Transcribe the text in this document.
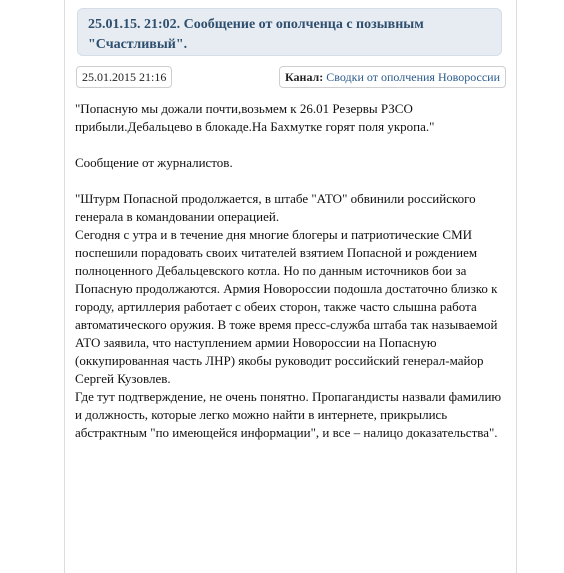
25.01.15. 21:02. Сообщение от ополченца с позывным "Счастливый".
25.01.2015 21:16	Канал: Сводки от ополчения Новороссии

"Попасную мы дожали почти,возьмем к 26.01 Резервы РЗСО прибыли.Дебальцево в блокаде.На Бахмутке горят поля укропа."

Сообщение от журналистов.

"Штурм Попасной продолжается, в штабе "АТО" обвинили российского генерала в командовании операцией.

Сегодня с утра и в течение дня многие блогеры и патриотические СМИ поспешили порадовать своих читателей взятием Попасной и рождением полноценного Дебальцевского котла. Но по данным источников бои за Попасную продолжаются. Армия Новороссии подошла достаточно близко к городу, артиллерия работает с обеих сторон, также часто слышна работа автоматического оружия. В тоже время пресс-служба штаба так называемой АТО заявила, что наступлением армии Новороссии на Попасную (оккупированная часть ЛНР) якобы руководит российский генерал-майор Сергей Кузовлев.

Где тут подтверждение, не очень понятно. Пропагандисты назвали фамилию и должность, которые легко можно найти в интернете, прикрылись абстрактным "по имеющейся информации", и все – налицо доказательства".
